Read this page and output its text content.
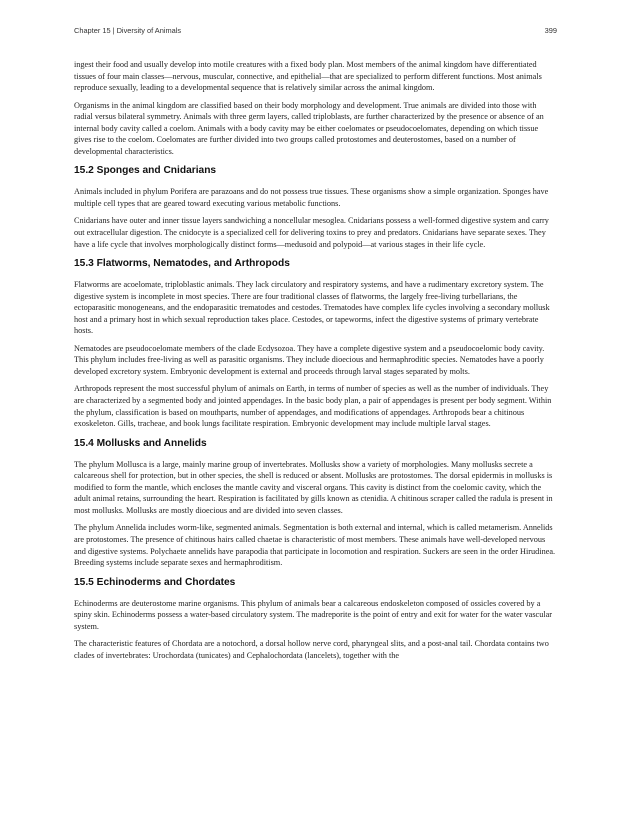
Chapter 15 | Diversity of Animals	399

ingest their food and usually develop into motile creatures with a fixed body plan. Most members of the animal kingdom have differentiated tissues of four main classes—nervous, muscular, connective, and epithelial—that are specialized to perform different functions. Most animals reproduce sexually, leading to a developmental sequence that is relatively similar across the animal kingdom.

Organisms in the animal kingdom are classified based on their body morphology and development. True animals are divided into those with radial versus bilateral symmetry. Animals with three germ layers, called triploblasts, are further characterized by the presence or absence of an internal body cavity called a coelom. Animals with a body cavity may be either coelomates or pseudocoelomates, depending on which tissue gives rise to the coelom. Coelomates are further divided into two groups called protostomes and deuterostomes, based on a number of developmental characteristics.

15.2 Sponges and Cnidarians

Animals included in phylum Porifera are parazoans and do not possess true tissues. These organisms show a simple organization. Sponges have multiple cell types that are geared toward executing various metabolic functions.

Cnidarians have outer and inner tissue layers sandwiching a noncellular mesoglea. Cnidarians possess a well-formed digestive system and carry out extracellular digestion. The cnidocyte is a specialized cell for delivering toxins to prey and predators. Cnidarians have separate sexes. They have a life cycle that involves morphologically distinct forms—medusoid and polypoid—at various stages in their life cycle.

15.3 Flatworms, Nematodes, and Arthropods

Flatworms are acoelomate, triploblastic animals. They lack circulatory and respiratory systems, and have a rudimentary excretory system. The digestive system is incomplete in most species. There are four traditional classes of flatworms, the largely free-living turbellarians, the ectoparasitic monogeneans, and the endoparasitic trematodes and cestodes. Trematodes have complex life cycles involving a secondary mollusk host and a primary host in which sexual reproduction takes place. Cestodes, or tapeworms, infect the digestive systems of primary vertebrate hosts.

Nematodes are pseudocoelomate members of the clade Ecdysozoa. They have a complete digestive system and a pseudocoelomic body cavity. This phylum includes free-living as well as parasitic organisms. They include dioecious and hermaphroditic species. Nematodes have a poorly developed excretory system. Embryonic development is external and proceeds through larval stages separated by molts.

Arthropods represent the most successful phylum of animals on Earth, in terms of number of species as well as the number of individuals. They are characterized by a segmented body and jointed appendages. In the basic body plan, a pair of appendages is present per body segment. Within the phylum, classification is based on mouthparts, number of appendages, and modifications of appendages. Arthropods bear a chitinous exoskeleton. Gills, tracheae, and book lungs facilitate respiration. Embryonic development may include multiple larval stages.

15.4 Mollusks and Annelids

The phylum Mollusca is a large, mainly marine group of invertebrates. Mollusks show a variety of morphologies. Many mollusks secrete a calcareous shell for protection, but in other species, the shell is reduced or absent. Mollusks are protostomes. The dorsal epidermis in mollusks is modified to form the mantle, which encloses the mantle cavity and visceral organs. This cavity is distinct from the coelomic cavity, which the adult animal retains, surrounding the heart. Respiration is facilitated by gills known as ctenidia. A chitinous scraper called the radula is present in most mollusks. Mollusks are mostly dioecious and are divided into seven classes.

The phylum Annelida includes worm-like, segmented animals. Segmentation is both external and internal, which is called metamerism. Annelids are protostomes. The presence of chitinous hairs called chaetae is characteristic of most members. These animals have well-developed nervous and digestive systems. Polychaete annelids have parapodia that participate in locomotion and respiration. Suckers are seen in the order Hirudinea. Breeding systems include separate sexes and hermaphroditism.

15.5 Echinoderms and Chordates

Echinoderms are deuterostome marine organisms. This phylum of animals bear a calcareous endoskeleton composed of ossicles covered by a spiny skin. Echinoderms possess a water-based circulatory system. The madreporite is the point of entry and exit for water for the water vascular system.

The characteristic features of Chordata are a notochord, a dorsal hollow nerve cord, pharyngeal slits, and a post-anal tail. Chordata contains two clades of invertebrates: Urochordata (tunicates) and Cephalochordata (lancelets), together with the
